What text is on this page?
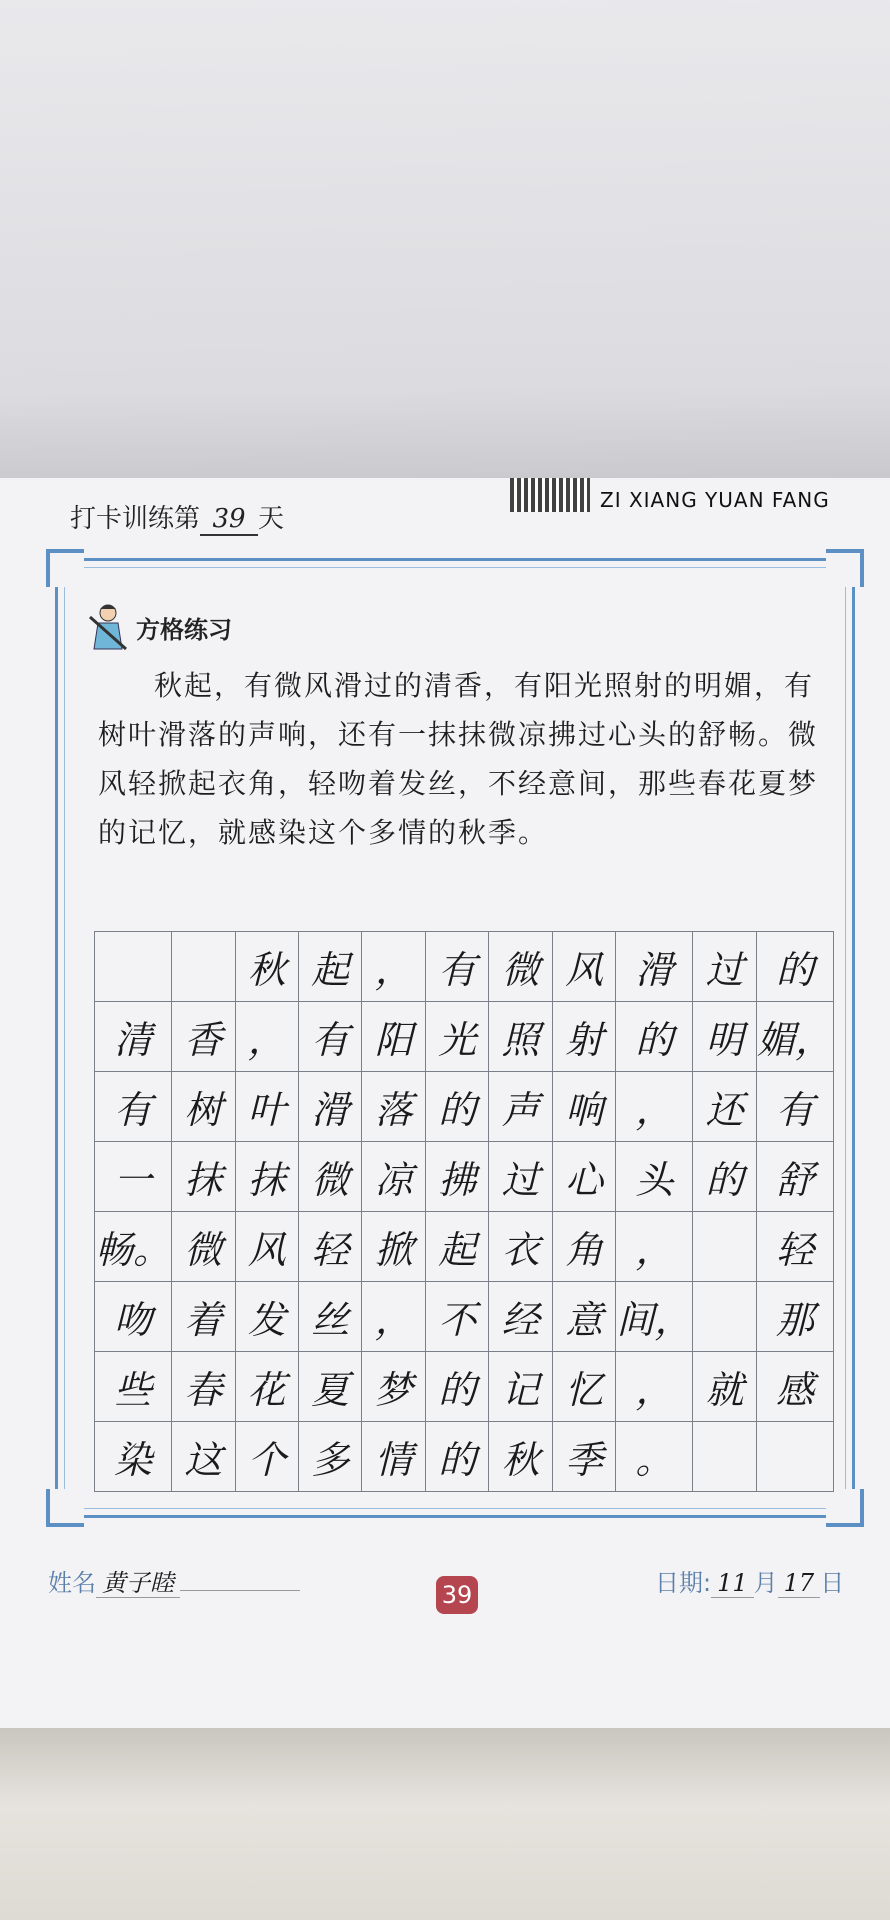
打卡训练第 39 天
ZI XIANG YUAN FANG
方格练习
秋起，有微风滑过的清香，有阳光照射的明媚，有树叶滑落的声响，还有一抹抹微凉拂过心头的舒畅。微风轻掀起衣角，轻吻着发丝，不经意间，那些春花夏梦的记忆，就感染这个多情的秋季。
		秋	起	，	有	微	风	滑	过	的
清	香	，	有	阳	光	照	射	的	明	媚，
有	树	叶	滑	落	的	声	响	，	还	有
一	抹	抹	微	凉	拂	过	心	头	的	舒
畅。	微	风	轻	掀	起	衣	角	，		轻
吻	着	发	丝	，	不	经	意	间，		那
些	春	花	夏	梦	的	记	忆	，	就	感
染	这	个	多	情	的	秋	季	。		
姓名 黄子睦	39	日期: 11 月 17 日
